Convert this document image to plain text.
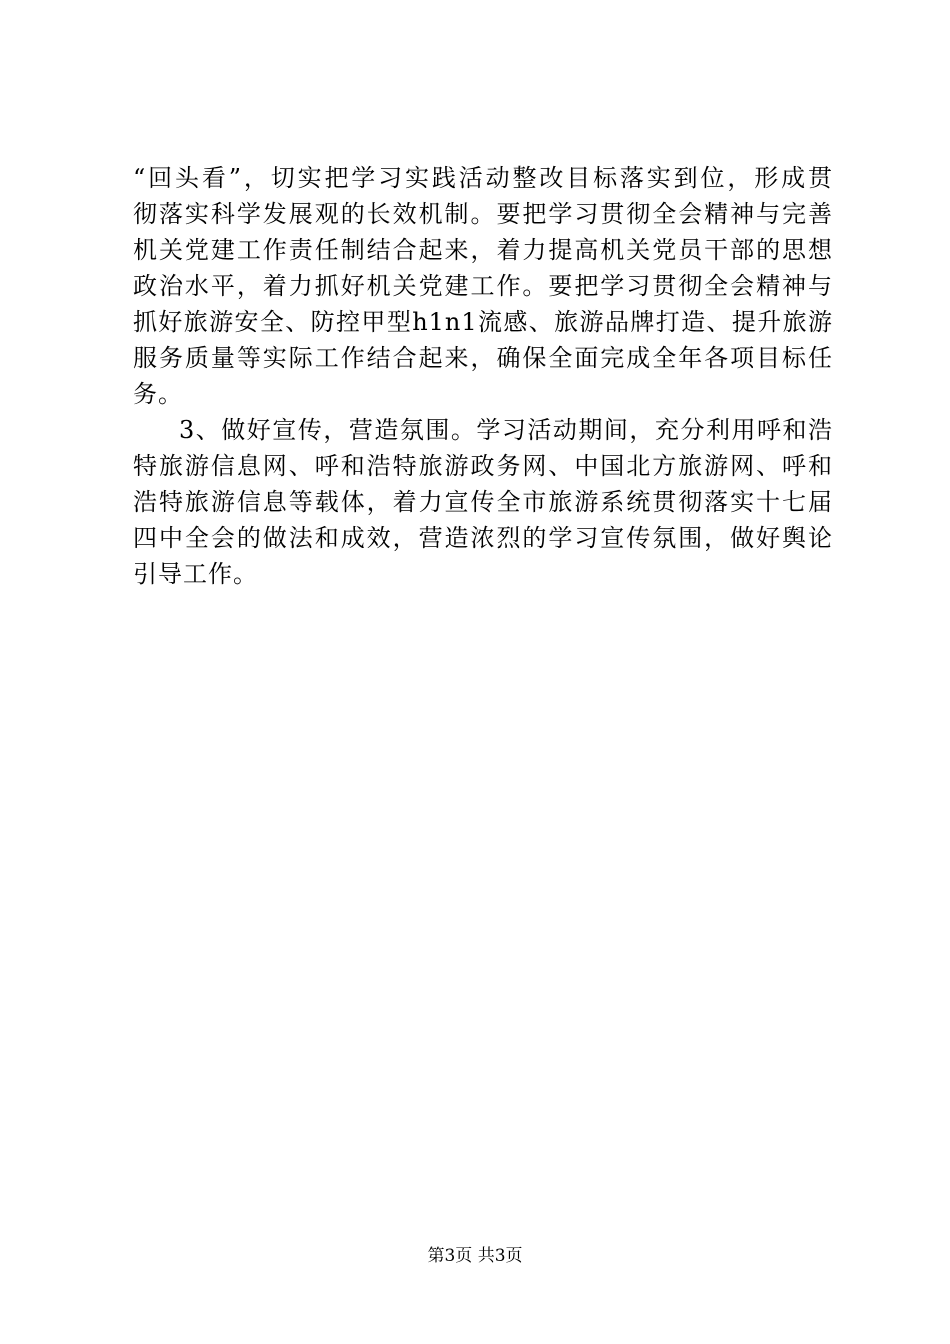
“回头看”，切实把学习实践活动整改目标落实到位，形成贯
彻落实科学发展观的长效机制。要把学习贯彻全会精神与完善
机关党建工作责任制结合起来，着力提高机关党员干部的思想
政治水平，着力抓好机关党建工作。要把学习贯彻全会精神与
抓好旅游安全、防控甲型h1n1流感、旅游品牌打造、提升旅游
服务质量等实际工作结合起来，确保全面完成全年各项目标任
务。
3、做好宣传，营造氛围。学习活动期间，充分利用呼和浩
特旅游信息网、呼和浩特旅游政务网、中国北方旅游网、呼和
浩特旅游信息等载体，着力宣传全市旅游系统贯彻落实十七届
四中全会的做法和成效，营造浓烈的学习宣传氛围，做好舆论
引导工作。
第3页 共3页
